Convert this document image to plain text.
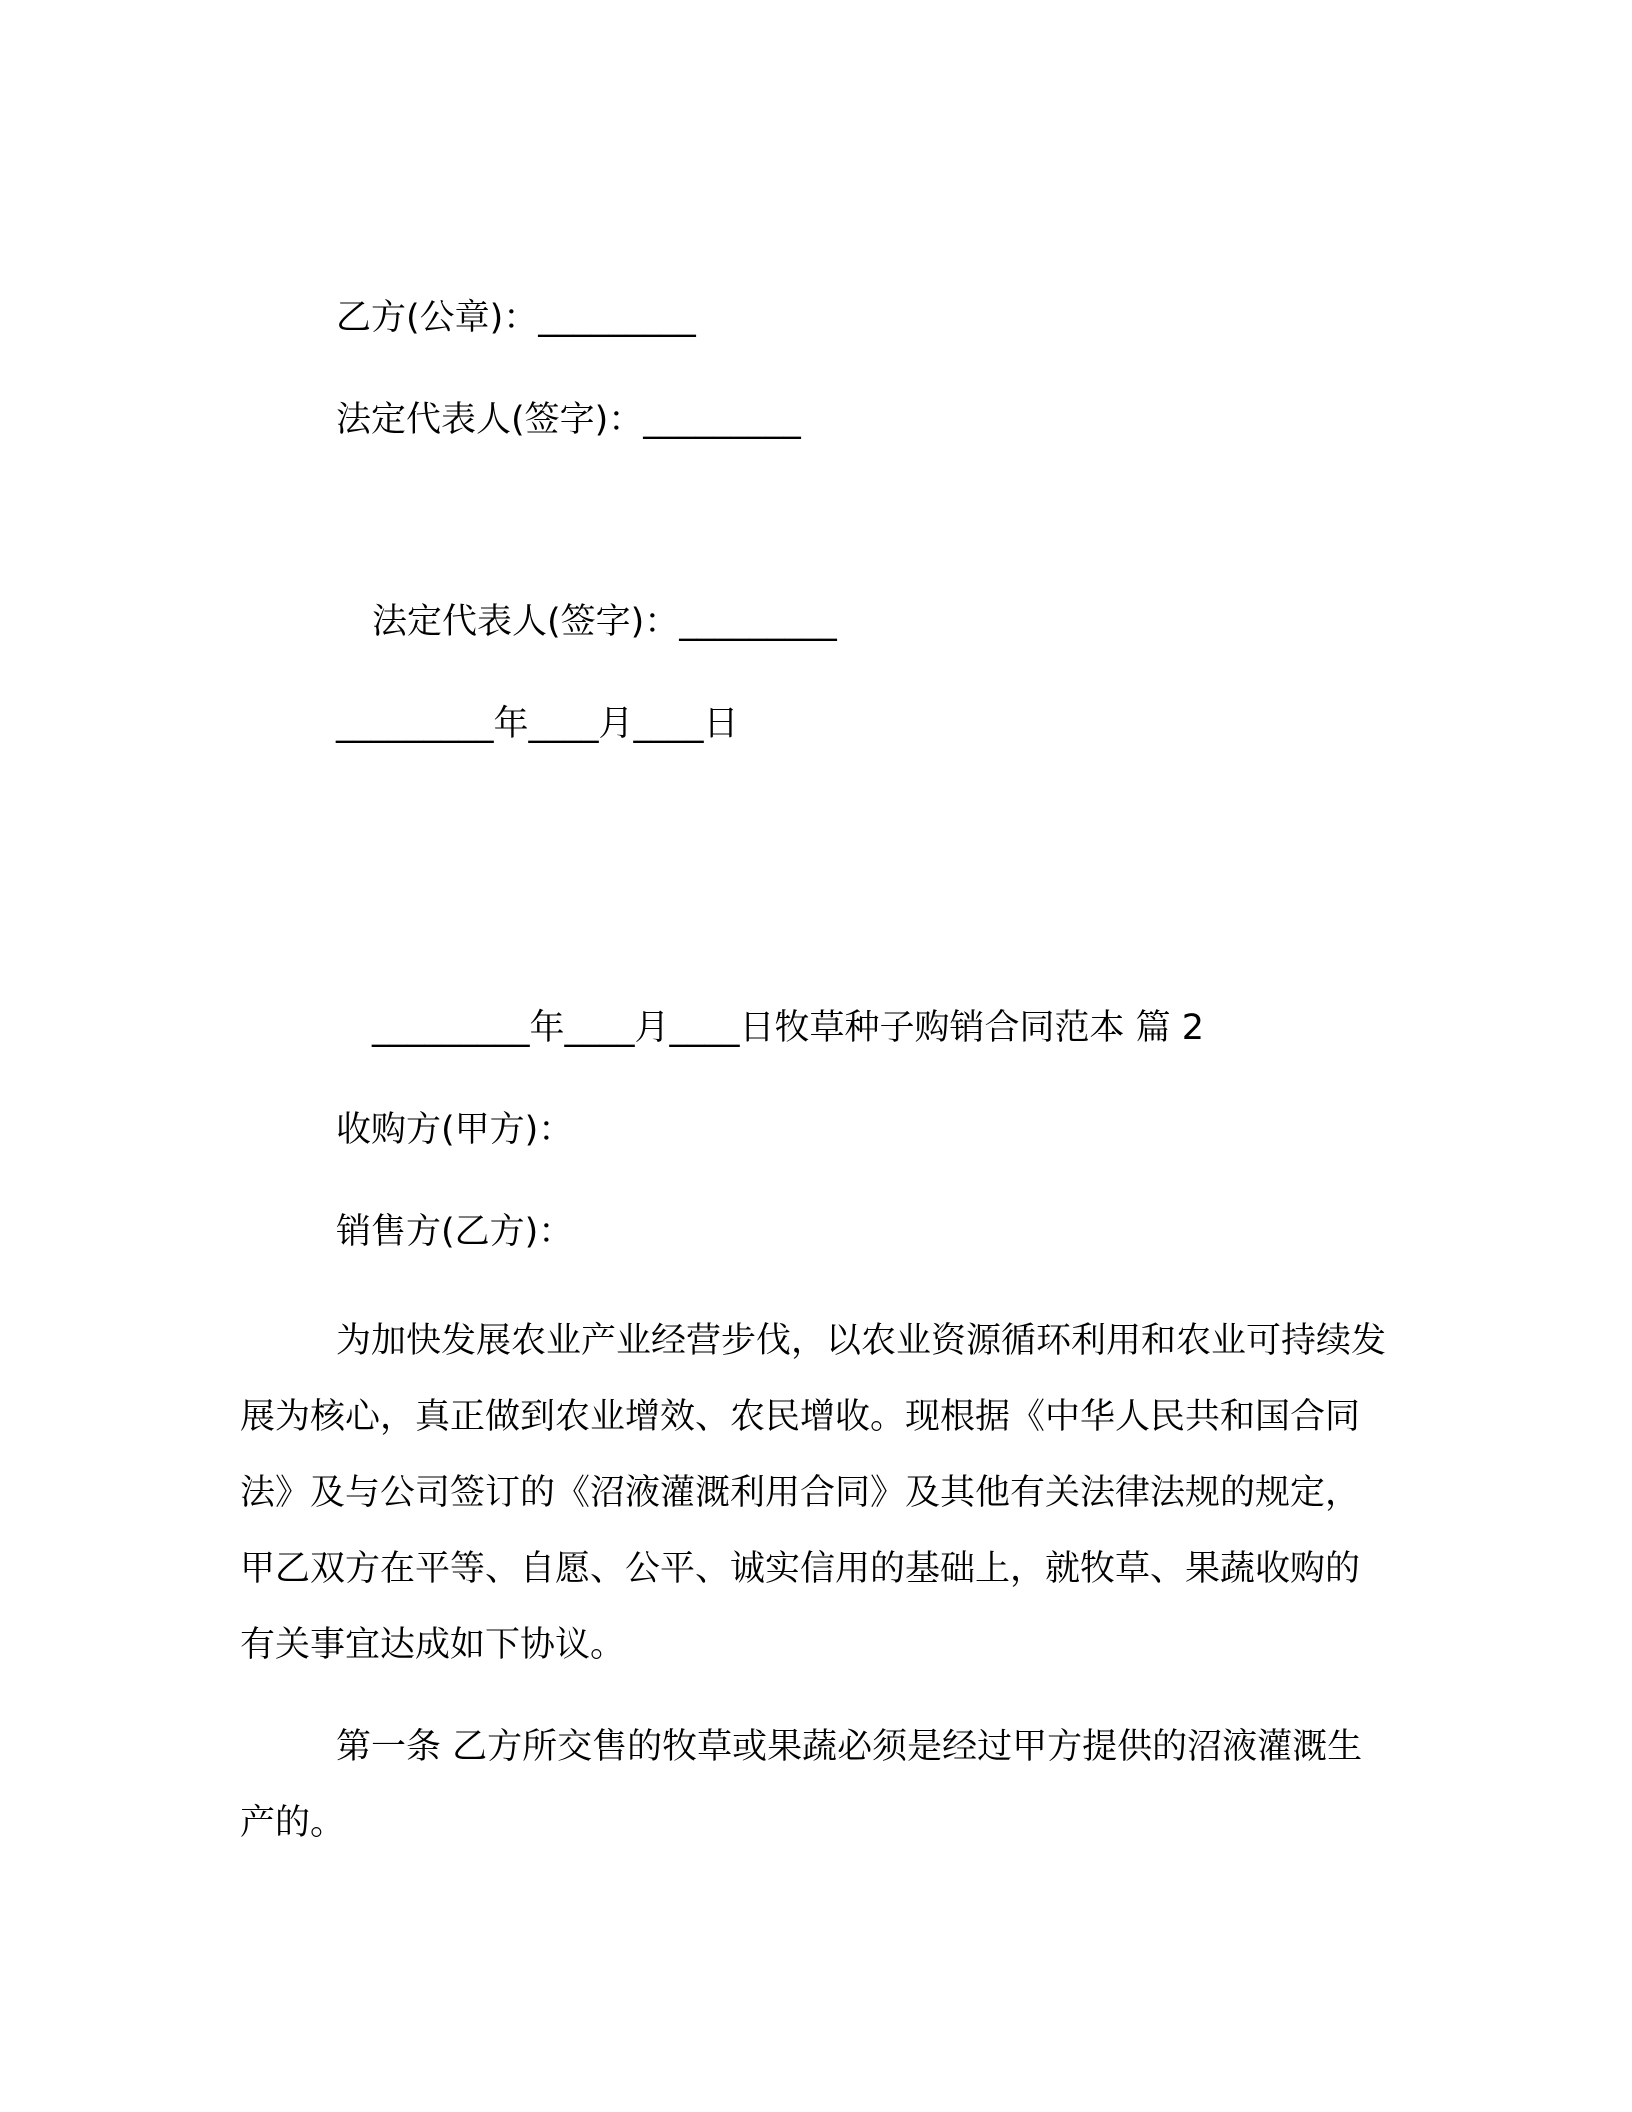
乙方(公章)：_________

法定代表人(签字)：_________

法定代表人(签字)：_________

_________年____月____日

_________年____月____日牧草种子购销合同范本 篇 2

收购方(甲方)：

销售方(乙方)：

为加快发展农业产业经营步伐，以农业资源循环利用和农业可持续发展为核心，真正做到农业增效、农民增收。现根据《中华人民共和国合同法》及与公司签订的《沼液灌溉利用合同》及其他有关法律法规的规定，甲乙双方在平等、自愿、公平、诚实信用的基础上，就牧草、果蔬收购的有关事宜达成如下协议。

第一条 乙方所交售的牧草或果蔬必须是经过甲方提供的沼液灌溉生产的。
